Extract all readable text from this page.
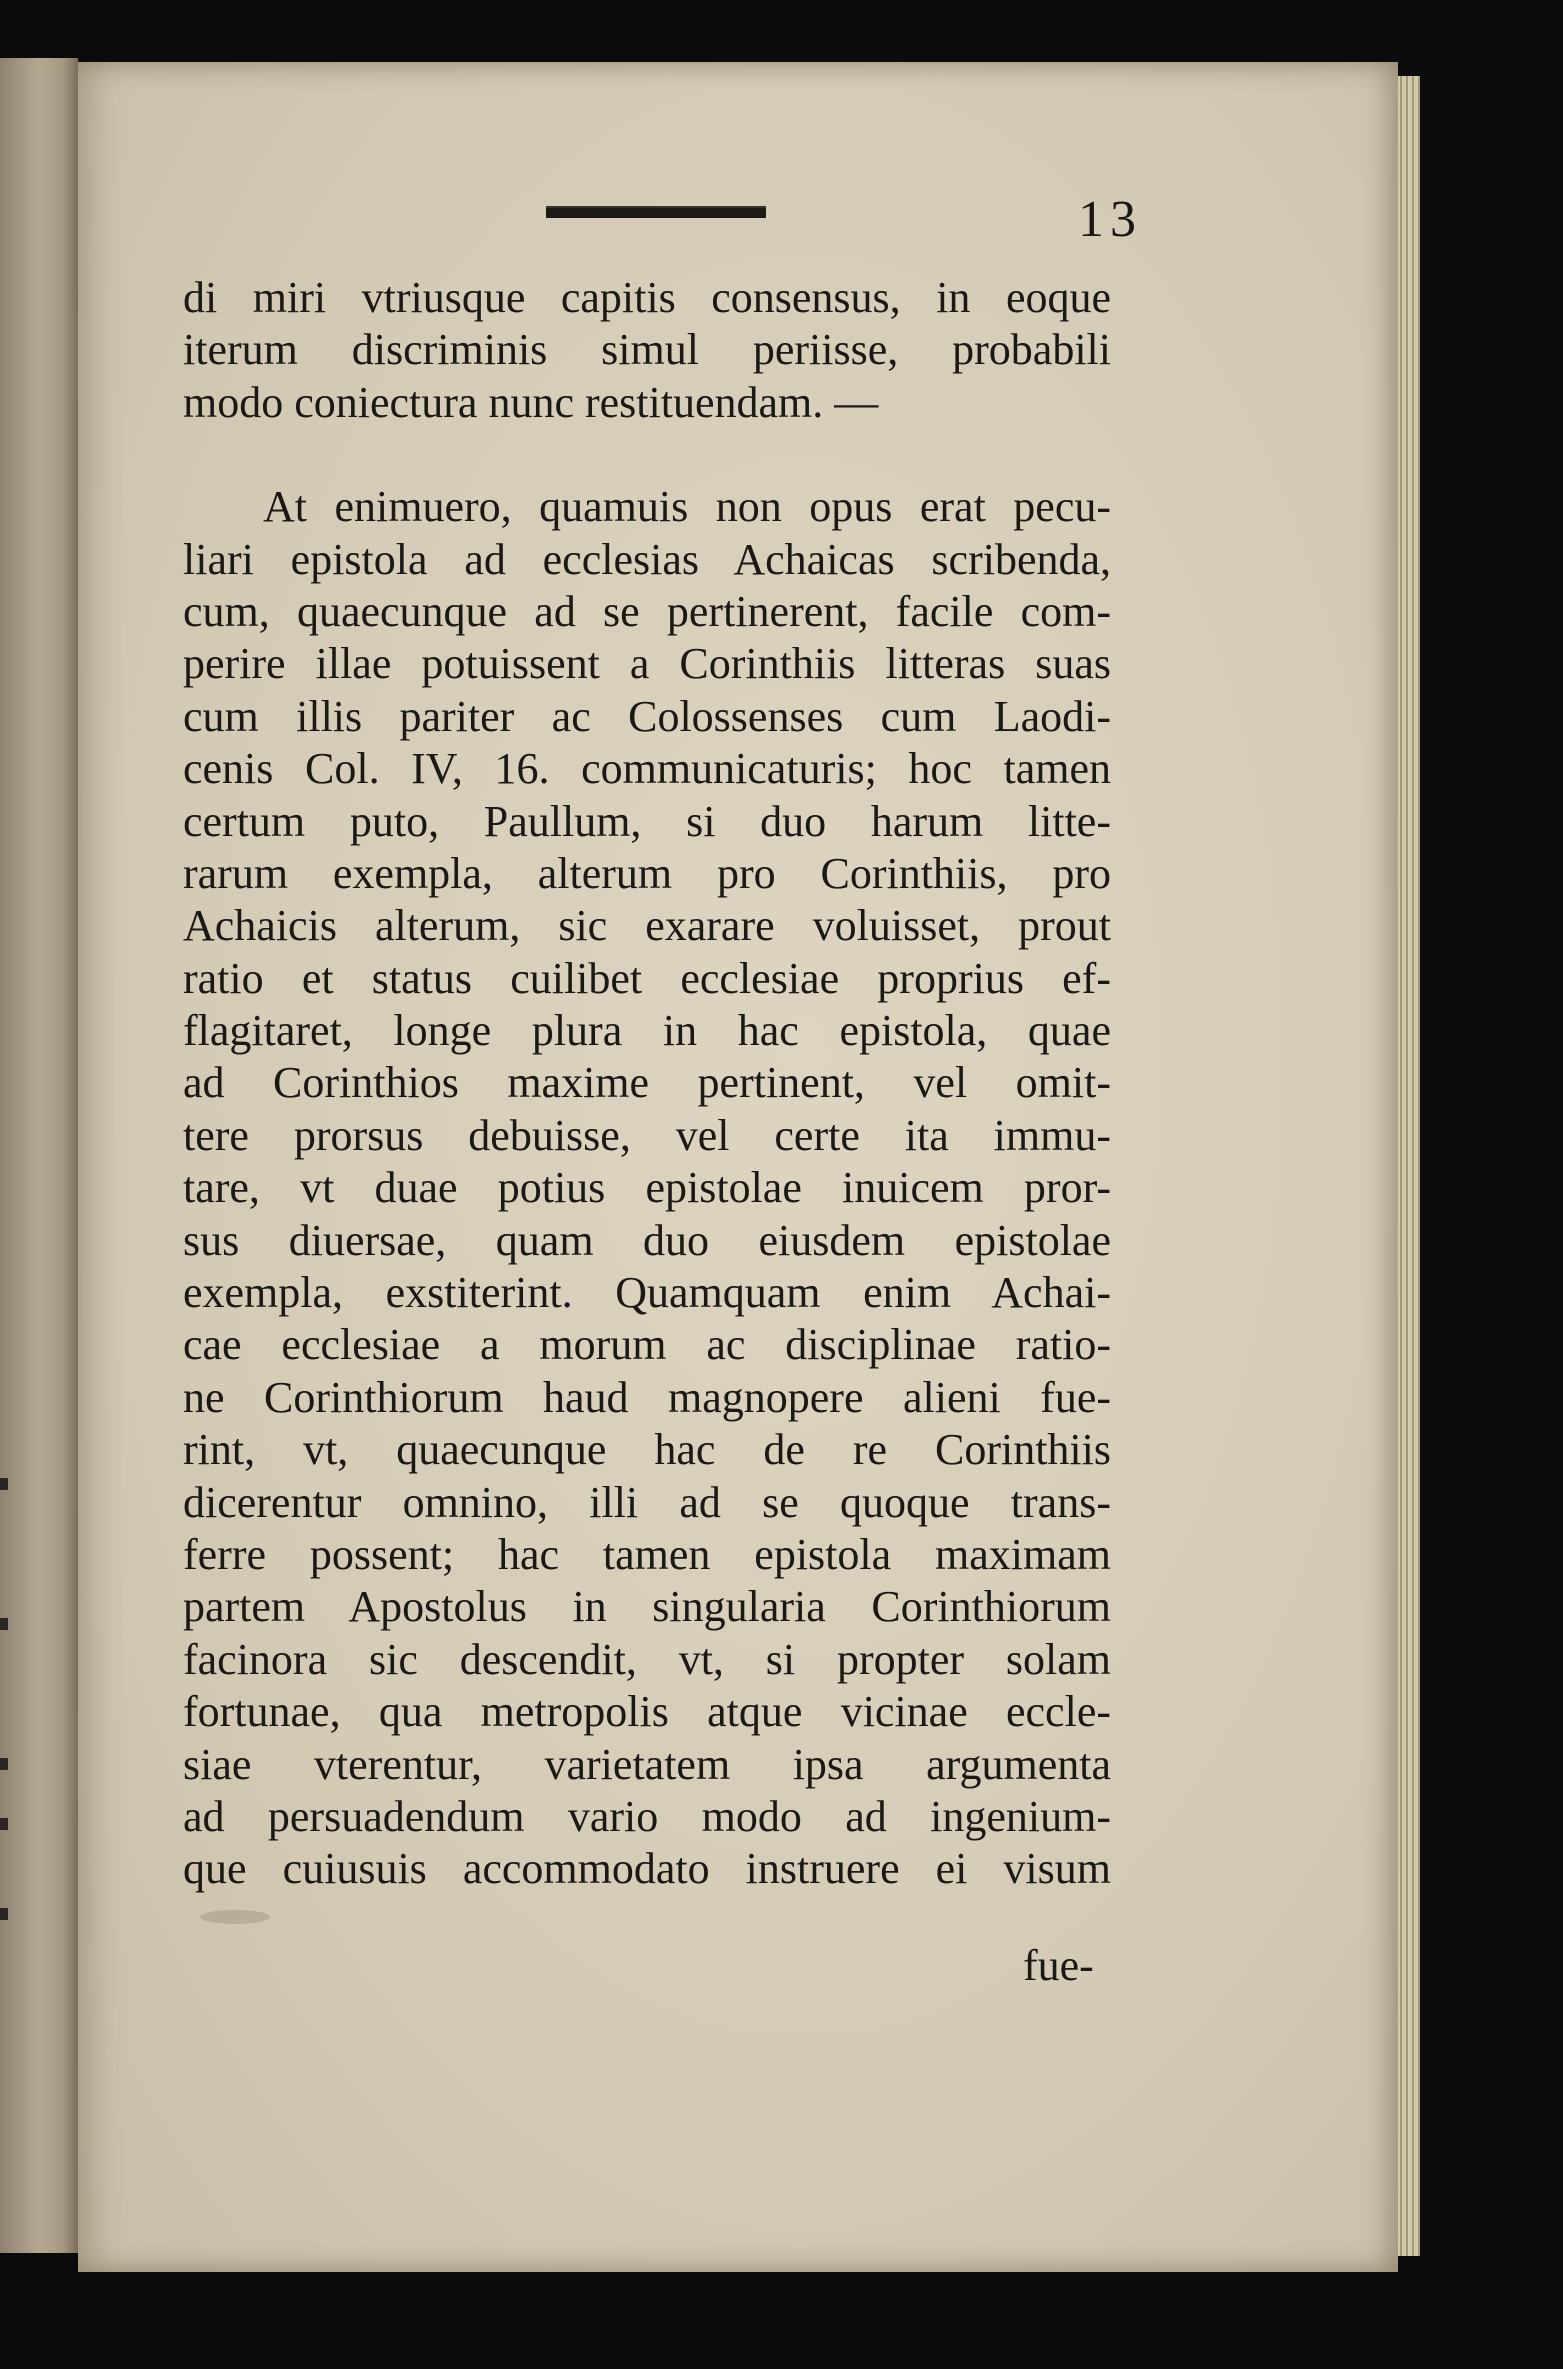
13
di miri vtriusque capitis consensus, in eoque
iterum discriminis simul periisse, probabili
modo coniectura nunc restituendam. —
At enimuero, quamuis non opus erat pecu-
liari epistola ad ecclesias Achaicas scribenda,
cum, quaecunque ad se pertinerent, facile com-
perire illae potuissent a Corinthiis litteras suas
cum illis pariter ac Colossenses cum Laodi-
cenis Col. IV, 16. communicaturis; hoc tamen
certum puto, Paullum, si duo harum litte-
rarum exempla, alterum pro Corinthiis, pro
Achaicis alterum, sic exarare voluisset, prout
ratio et status cuilibet ecclesiae proprius ef-
flagitaret, longe plura in hac epistola, quae
ad Corinthios maxime pertinent, vel omit-
tere prorsus debuisse, vel certe ita immu-
tare, vt duae potius epistolae inuicem pror-
sus diuersae, quam duo eiusdem epistolae
exempla, exstiterint. Quamquam enim Achai-
cae ecclesiae a morum ac disciplinae ratio-
ne Corinthiorum haud magnopere alieni fue-
rint, vt, quaecunque hac de re Corinthiis
dicerentur omnino, illi ad se quoque trans-
ferre possent; hac tamen epistola maximam
partem Apostolus in singularia Corinthiorum
facinora sic descendit, vt, si propter solam
fortunae, qua metropolis atque vicinae eccle-
siae vterentur, varietatem ipsa argumenta
ad persuadendum vario modo ad ingenium-
que cuiusuis accommodato instruere ei visum
fue-
